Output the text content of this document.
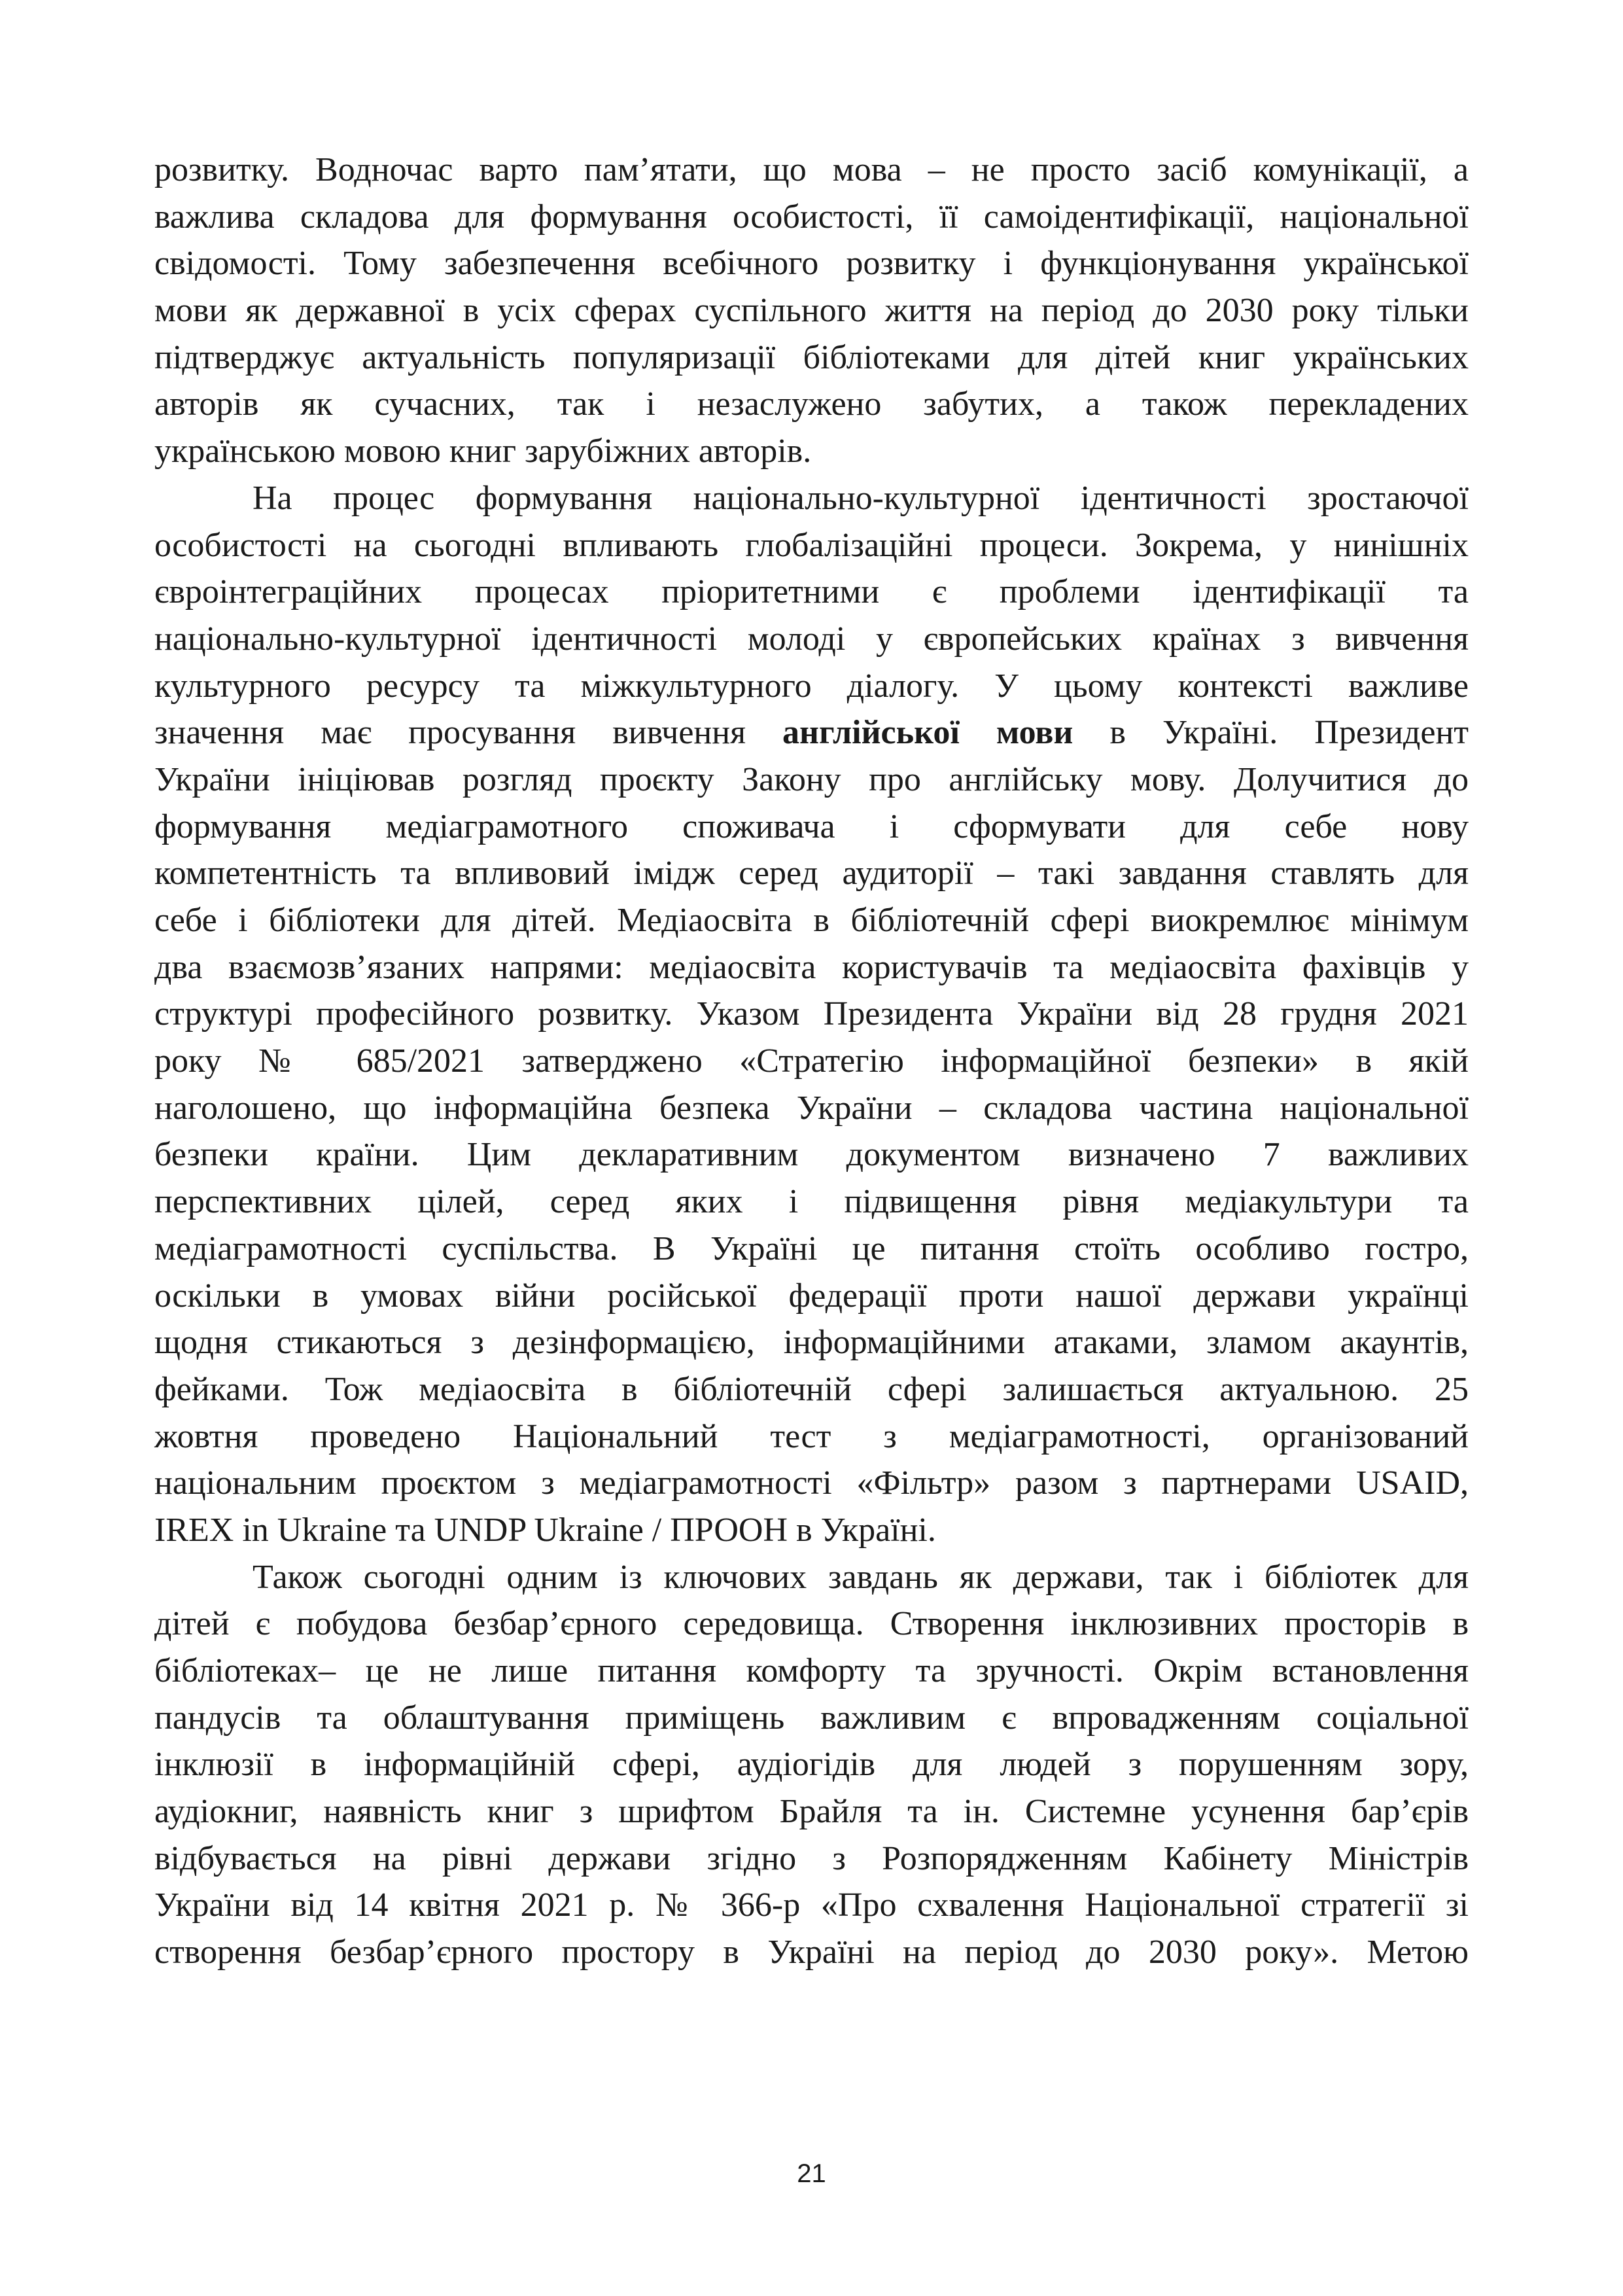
розвитку. Водночас варто пам’ятати, що мова – не просто засіб комунікації, а
важлива складова для формування особистості, її самоідентифікації, національної
свідомості. Тому забезпечення всебічного розвитку і функціонування української
мови як державної в усіх сферах суспільного життя на період до 2030 року тільки
підтверджує актуальність популяризації бібліотеками для дітей книг українських
авторів як сучасних, так і незаслужено забутих, а також перекладених
українською мовою книг зарубіжних авторів.
На процес формування національно-культурної ідентичності зростаючої
особистості на сьогодні впливають глобалізаційні процеси. Зокрема, у нинішніх
євроінтеграційних процесах пріоритетними є проблеми ідентифікації та
національно-культурної ідентичності молоді у європейських країнах з вивчення
культурного ресурсу та міжкультурного діалогу. У цьому контексті важливе
значення має просування вивчення англійської мови в Україні. Президент
України ініціював розгляд проєкту Закону про англійську мову. Долучитися до
формування медіаграмотного споживача і сформувати для себе нову
компетентність та впливовий імідж серед аудиторії – такі завдання ставлять для
себе і бібліотеки для дітей. Медіаосвіта в бібліотечній сфері виокремлює мінімум
два взаємозв’язаних напрями: медіаосвіта користувачів та медіаосвіта фахівців у
структурі професійного розвитку. Указом Президента України від 28 грудня 2021
року № 685/2021 затверджено «Стратегію інформаційної безпеки» в якій
наголошено, що інформаційна безпека України – складова частина національної
безпеки країни. Цим декларативним документом визначено 7 важливих
перспективних цілей, серед яких і підвищення рівня медіакультури та
медіаграмотності суспільства. В Україні це питання стоїть особливо гостро,
оскільки в умовах війни російської федерації проти нашої держави українці
щодня стикаються з дезінформацією, інформаційними атаками, зламом акаунтів,
фейками. Тож медіаосвіта в бібліотечній сфері залишається актуальною. 25
жовтня проведено Національний тест з медіаграмотності, організований
національним проєктом з медіаграмотності «Фільтр» разом з партнерами USAID,
IREX in Ukraine та UNDP Ukraine / ПРООН в Україні.
Також сьогодні одним із ключових завдань як держави, так і бібліотек для
дітей є побудова безбар’єрного середовища. Створення інклюзивних просторів в
бібліотеках– це не лише питання комфорту та зручності. Окрім встановлення
пандусів та облаштування приміщень важливим є впровадженням соціальної
інклюзії в інформаційній сфері, аудіогідів для людей з порушенням зору,
аудіокниг, наявність книг з шрифтом Брайля та ін. Системне усунення бар’єрів
відбувається на рівні держави згідно з Розпорядженням Кабінету Міністрів
України від 14 квітня 2021 р. № 366-р «Про схвалення Національної стратегії зі
створення безбар’єрного простору в Україні на період до 2030 року». Метою
21
